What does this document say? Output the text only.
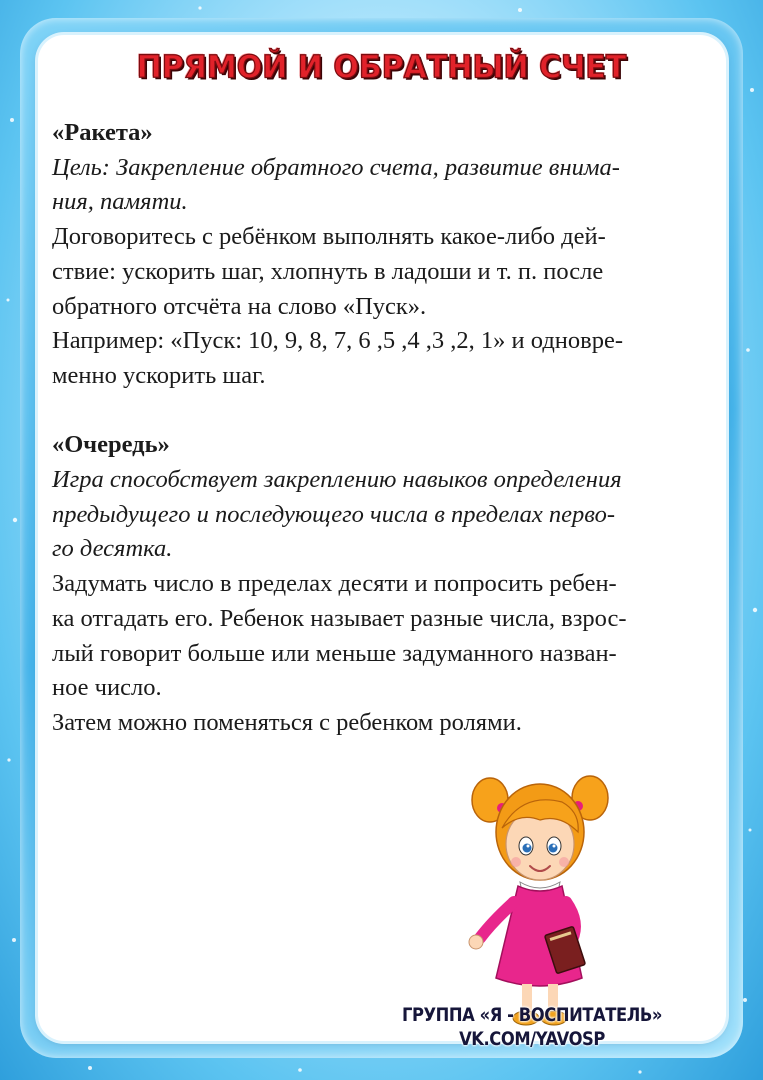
ПРЯМОЙ И ОБРАТНЫЙ СЧЕТ

«Ракета»

Цель: Закрепление обратного счета, развитие внима-

ния, памяти.

Договоритесь с ребёнком выполнять какое-либо дей-

ствие: ускорить шаг, хлопнуть в ладоши и т. п. после

обратного отсчёта на слово «Пуск».

Например: «Пуск: 10, 9, 8, 7, 6 ,5 ,4 ,3 ,2, 1» и одновре-

менно ускорить шаг.

«Очередь»

Игра способствует закреплению навыков определения

предыдущего и последующего числа в пределах перво-

го десятка.

Задумать число в пределах десяти и попросить ребен-

ка отгадать его. Ребенок называет разные числа, взрос-

лый говорит больше или меньше задуманного назван-

ное число.

Затем можно поменяться с ребенком ролями.

ГРУППА «Я - ВОСПИТАТЕЛЬ»
VK.COM/YAVOSP
